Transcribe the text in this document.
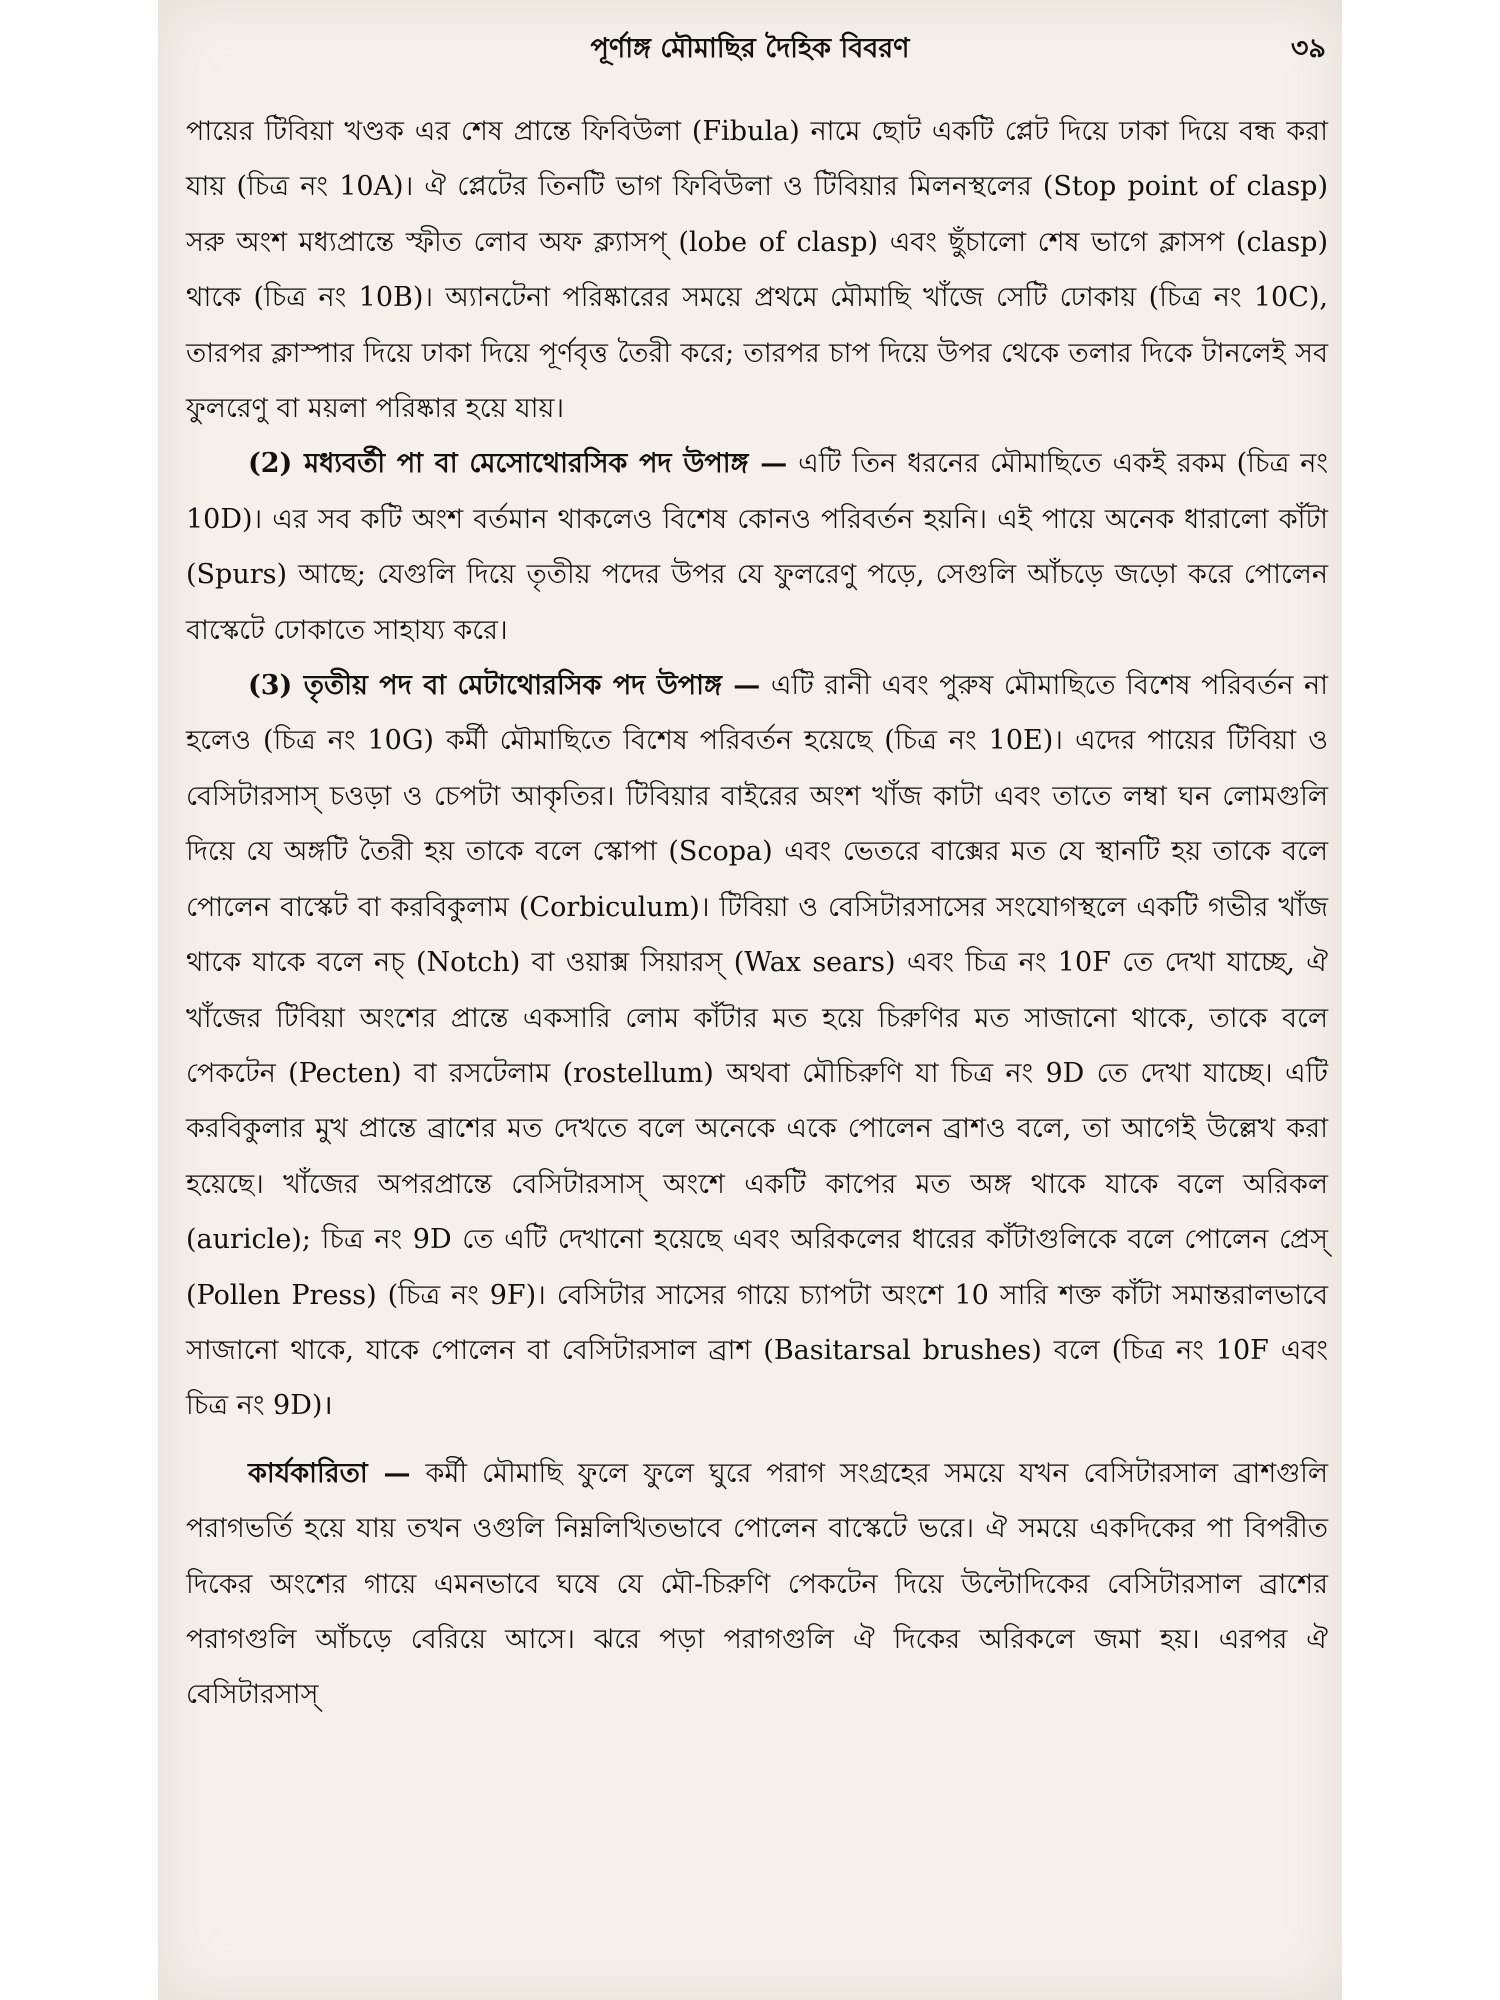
পূর্ণাঙ্গ মৌমাছির দৈহিক বিবরণ	৩৯

পায়ের টিবিয়া খণ্ডক এর শেষ প্রান্তে ফিবিউলা (Fibula) নামে ছোট একটি প্লেট দিয়ে ঢাকা দিয়ে বন্ধ করা যায় (চিত্র নং 10A)। ঐ প্লেটের তিনটি ভাগ ফিবিউলা ও টিবিয়ার মিলনস্থলের (Stop point of clasp) সরু অংশ মধ্যপ্রান্তে স্ফীত লোব অফ ক্ল্যাসপ্ (lobe of clasp) এবং ছুঁচালো শেষ ভাগে ক্লাসপ (clasp) থাকে (চিত্র নং 10B)। অ্যানটেনা পরিষ্কারের সময়ে প্রথমে মৌমাছি খাঁজে সেটি ঢোকায় (চিত্র নং 10C), তারপর ক্লাস্পার দিয়ে ঢাকা দিয়ে পূর্ণবৃত্ত তৈরী করে; তারপর চাপ দিয়ে উপর থেকে তলার দিকে টানলেই সব ফুলরেণু বা ময়লা পরিষ্কার হয়ে যায়।

(2) মধ্যবর্তী পা বা মেসোথোরসিক পদ উপাঙ্গ — এটি তিন ধরনের মৌমাছিতে একই রকম (চিত্র নং 10D)। এর সব কটি অংশ বর্তমান থাকলেও বিশেষ কোনও পরিবর্তন হয়নি। এই পায়ে অনেক ধারালো কাঁটা (Spurs) আছে; যেগুলি দিয়ে তৃতীয় পদের উপর যে ফুলরেণু পড়ে, সেগুলি আঁচড়ে জড়ো করে পোলেন বাস্কেটে ঢোকাতে সাহায্য করে।

(3) তৃতীয় পদ বা মেটাথোরসিক পদ উপাঙ্গ — এটি রানী এবং পুরুষ মৌমাছিতে বিশেষ পরিবর্তন না হলেও (চিত্র নং 10G) কর্মী মৌমাছিতে বিশেষ পরিবর্তন হয়েছে (চিত্র নং 10E)। এদের পায়ের টিবিয়া ও বেসিটারসাস্ চওড়া ও চেপটা আকৃতির। টিবিয়ার বাইরের অংশ খাঁজ কাটা এবং তাতে লম্বা ঘন লোমগুলি দিয়ে যে অঙ্গটি তৈরী হয় তাকে বলে স্কোপা (Scopa) এবং ভেতরে বাক্সের মত যে স্থানটি হয় তাকে বলে পোলেন বাস্কেট বা করবিকুলাম (Corbiculum)। টিবিয়া ও বেসিটারসাসের সংযোগস্থলে একটি গভীর খাঁজ থাকে যাকে বলে নচ্ (Notch) বা ওয়াক্স সিয়ারস্ (Wax sears) এবং চিত্র নং 10F তে দেখা যাচ্ছে, ঐ খাঁজের টিবিয়া অংশের প্রান্তে একসারি লোম কাঁটার মত হয়ে চিরুণির মত সাজানো থাকে, তাকে বলে পেকটেন (Pecten) বা রসটেলাম (rostellum) অথবা মৌচিরুণি যা চিত্র নং 9D তে দেখা যাচ্ছে। এটি করবিকুলার মুখ প্রান্তে ব্রাশের মত দেখতে বলে অনেকে একে পোলেন ব্রাশও বলে, তা আগেই উল্লেখ করা হয়েছে। খাঁজের অপরপ্রান্তে বেসিটারসাস্ অংশে একটি কাপের মত অঙ্গ থাকে যাকে বলে অরিকল (auricle); চিত্র নং 9D তে এটি দেখানো হয়েছে এবং অরিকলের ধারের কাঁটাগুলিকে বলে পোলেন প্রেস্ (Pollen Press) (চিত্র নং 9F)। বেসিটার সাসের গায়ে চ্যাপটা অংশে 10 সারি শক্ত কাঁটা সমান্তরালভাবে সাজানো থাকে, যাকে পোলেন বা বেসিটারসাল ব্রাশ (Basitarsal brushes) বলে (চিত্র নং 10F এবং চিত্র নং 9D)।

কার্যকারিতা — কর্মী মৌমাছি ফুলে ফুলে ঘুরে পরাগ সংগ্রহের সময়ে যখন বেসিটারসাল ব্রাশগুলি পরাগভর্তি হয়ে যায় তখন ওগুলি নিম্নলিখিতভাবে পোলেন বাস্কেটে ভরে। ঐ সময়ে একদিকের পা বিপরীত দিকের অংশের গায়ে এমনভাবে ঘষে যে মৌ-চিরুণি পেকটেন দিয়ে উল্টোদিকের বেসিটারসাল ব্রাশের পরাগগুলি আঁচড়ে বেরিয়ে আসে। ঝরে পড়া পরাগগুলি ঐ দিকের অরিকলে জমা হয়। এরপর ঐ বেসিটারসাস্
